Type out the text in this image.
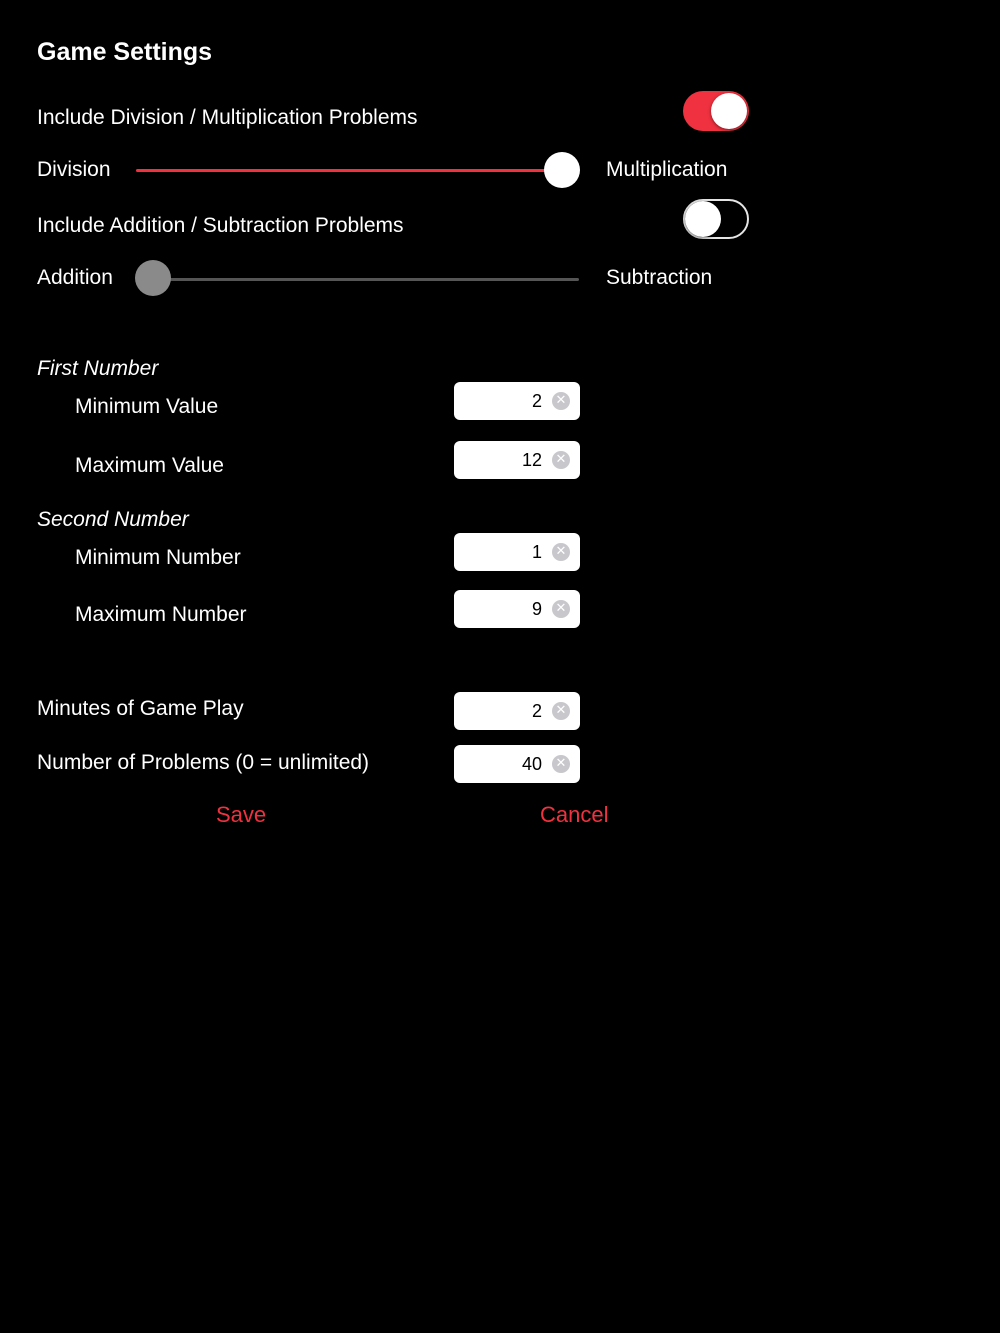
Game Settings
Include Division / Multiplication Problems
Division	Multiplication
Include Addition / Subtraction Problems
Addition	Subtraction
First Number
Minimum Value
2	✕
Maximum Value
12	✕
Second Number
Minimum Number
1	✕
Maximum Number
9	✕
Minutes of Game Play
2	✕
Number of Problems (0 = unlimited)
40	✕
Save	Cancel
